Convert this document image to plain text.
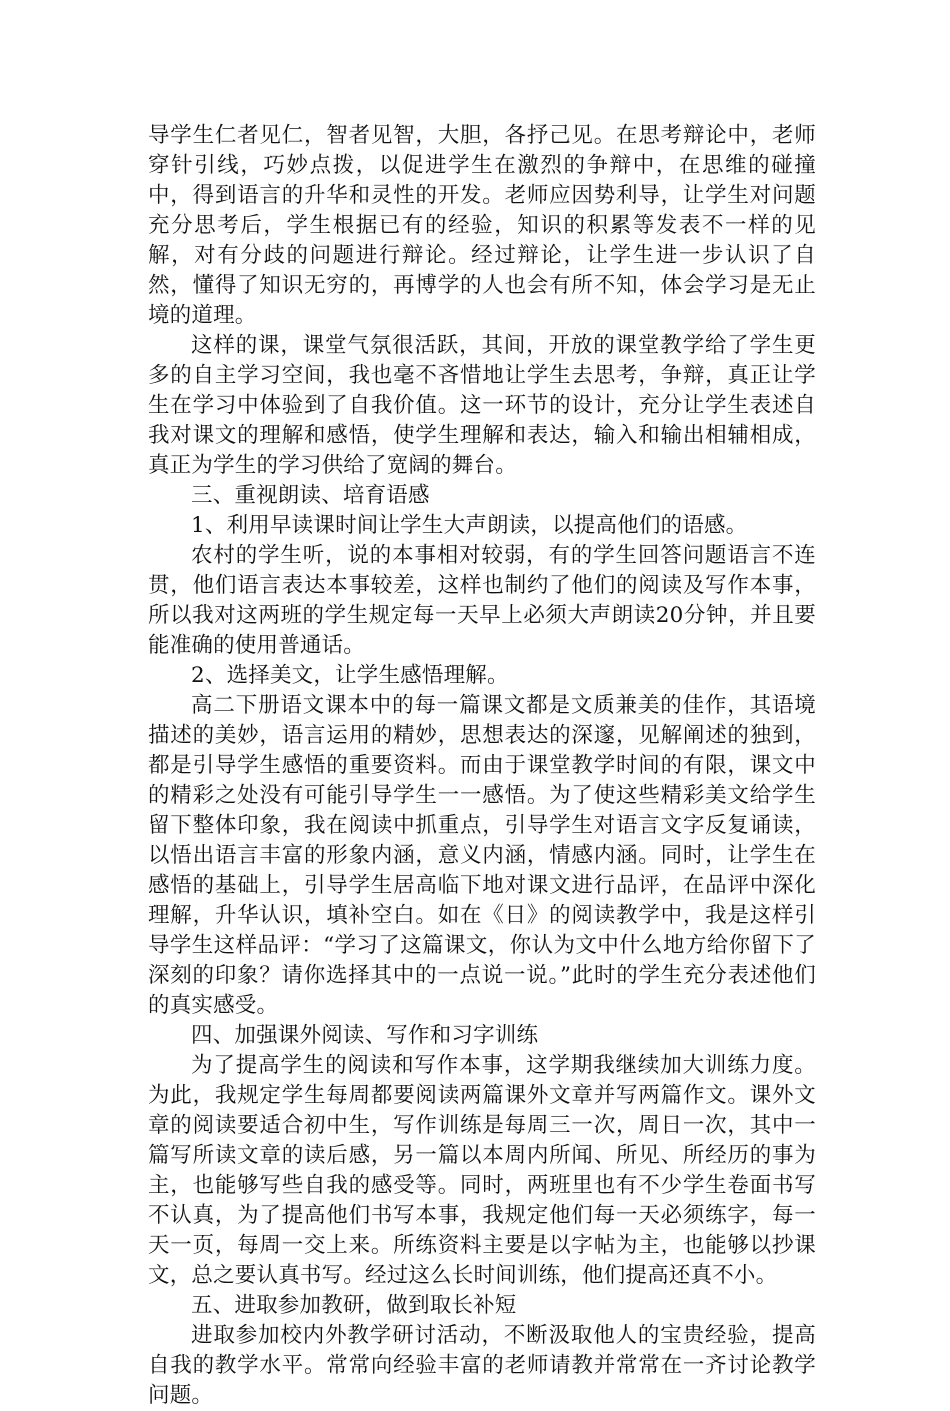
导学生仁者见仁，智者见智，大胆，各抒己见。在思考辩论中，老师穿针引线，巧妙点拨，以促进学生在激烈的争辩中，在思维的碰撞中，得到语言的升华和灵性的开发。老师应因势利导，让学生对问题充分思考后，学生根据已有的经验，知识的积累等发表不一样的见解，对有分歧的问题进行辩论。经过辩论，让学生进一步认识了自然，懂得了知识无穷的，再博学的人也会有所不知，体会学习是无止境的道理。

这样的课，课堂气氛很活跃，其间，开放的课堂教学给了学生更多的自主学习空间，我也毫不吝惜地让学生去思考，争辩，真正让学生在学习中体验到了自我价值。这一环节的设计，充分让学生表述自我对课文的理解和感悟，使学生理解和表达，输入和输出相辅相成，真正为学生的学习供给了宽阔的舞台。

三、重视朗读、培育语感

1、利用早读课时间让学生大声朗读，以提高他们的语感。

农村的学生听，说的本事相对较弱，有的学生回答问题语言不连贯，他们语言表达本事较差，这样也制约了他们的阅读及写作本事，所以我对这两班的学生规定每一天早上必须大声朗读20分钟，并且要能准确的使用普通话。

2、选择美文，让学生感悟理解。

高二下册语文课本中的每一篇课文都是文质兼美的佳作，其语境描述的美妙，语言运用的精妙，思想表达的深邃，见解阐述的独到，都是引导学生感悟的重要资料。而由于课堂教学时间的有限，课文中的精彩之处没有可能引导学生一一感悟。为了使这些精彩美文给学生留下整体印象，我在阅读中抓重点，引导学生对语言文字反复诵读，以悟出语言丰富的形象内涵，意义内涵，情感内涵。同时，让学生在感悟的基础上，引导学生居高临下地对课文进行品评，在品评中深化理解，升华认识，填补空白。如在《日》的阅读教学中，我是这样引导学生这样品评：“学习了这篇课文，你认为文中什么地方给你留下了深刻的印象？请你选择其中的一点说一说。”此时的学生充分表述他们的真实感受。

四、加强课外阅读、写作和习字训练

为了提高学生的阅读和写作本事，这学期我继续加大训练力度。为此，我规定学生每周都要阅读两篇课外文章并写两篇作文。课外文章的阅读要适合初中生，写作训练是每周三一次，周日一次，其中一篇写所读文章的读后感，另一篇以本周内所闻、所见、所经历的事为主，也能够写些自我的感受等。同时，两班里也有不少学生卷面书写不认真，为了提高他们书写本事，我规定他们每一天必须练字，每一天一页，每周一交上来。所练资料主要是以字帖为主，也能够以抄课文，总之要认真书写。经过这么长时间训练，他们提高还真不小。

五、进取参加教研，做到取长补短

进取参加校内外教学研讨活动，不断汲取他人的宝贵经验，提高自我的教学水平。常常向经验丰富的老师请教并常常在一齐讨论教学问题。
